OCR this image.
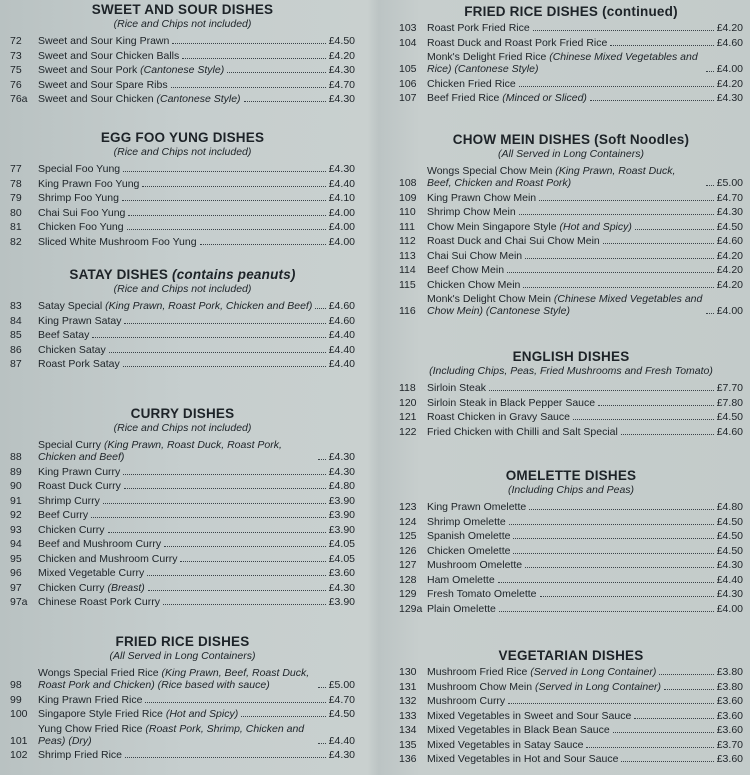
SWEET AND SOUR DISHES
(Rice and Chips not included)
72	Sweet and Sour King Prawn	£4.50
73	Sweet and Sour Chicken Balls	£4.20
75	Sweet and Sour Pork (Cantonese Style)	£4.30
76	Sweet and Sour Spare Ribs	£4.70
76a Sweet and Sour Chicken (Cantonese Style)	£4.30
EGG FOO YUNG DISHES
(Rice and Chips not included)
77	Special Foo Yung	£4.30
78	King Prawn Foo Yung	£4.40
79	Shrimp Foo Yung	£4.10
80	Chai Sui Foo Yung	£4.00
81	Chicken Foo Yung	£4.00
82	Sliced White Mushroom Foo Yung	£4.00
SATAY DISHES (contains peanuts)
(Rice and Chips not included)
83	Satay Special (King Prawn, Roast Pork, Chicken and Beef) £4.60
84	King Prawn Satay	£4.60
85	Beef Satay	£4.40
86	Chicken Satay	£4.40
87	Roast Pork Satay	£4.40
CURRY DISHES
(Rice and Chips not included)
88
Special Curry (King Prawn, Roast Duck, Roast Pork, Chicken and Beef)	£4.30
89	King Prawn Curry	£4.30
90	Roast Duck Curry	£4.80
91	Shrimp Curry	£3.90
92	Beef Curry	£3.90
93	Chicken Curry	£3.90
94	Beef and Mushroom Curry	£4.05
95	Chicken and Mushroom Curry	£4.05
96	Mixed Vegetable Curry	£3.60
97	Chicken Curry (Breast)	£4.30
97a Chinese Roast Pork Curry	£3.90
FRIED RICE DISHES
(All Served in Long Containers)
98
Wongs Special Fried Rice (King Prawn, Beef, Roast Duck, Roast Pork and Chicken) (Rice based with sauce)	£5.00
99	King Prawn Fried Rice	£4.70
100 Singapore Style Fried Rice (Hot and Spicy)	£4.50
101
Yung Chow Fried Rice (Roast Pork, Shrimp, Chicken and Peas) (Dry)	£4.40
102 Shrimp Fried Rice	£4.30
FRIED RICE DISHES (continued)
103 Roast Pork Fried Rice	£4.20
104 Roast Duck and Roast Pork Fried Rice	£4.60
105
Monk's Delight Fried Rice (Chinese Mixed Vegetables and Rice) (Cantonese Style)	£4.00
106 Chicken Fried Rice	£4.20
107 Beef Fried Rice (Minced or Sliced)	£4.30
CHOW MEIN DISHES (Soft Noodles)
(All Served in Long Containers)
108
Wongs Special Chow Mein (King Prawn, Roast Duck, Beef, Chicken and Roast Pork)	£5.00
109 King Prawn Chow Mein	£4.70
110	Shrimp Chow Mein	£4.30
111	Chow Mein Singapore Style (Hot and Spicy)	£4.50
112	Roast Duck and Chai Sui Chow Mein	£4.60
113	Chai Sui Chow Mein	£4.20
114	Beef Chow Mein	£4.20
115	Chicken Chow Mein	£4.20
116
Monk's Delight Chow Mein (Chinese Mixed Vegetables and Chow Mein) (Cantonese Style)	£4.00
ENGLISH DISHES
(Including Chips, Peas, Fried Mushrooms and Fresh Tomato)
118	Sirloin Steak	£7.70
120 Sirloin Steak in Black Pepper Sauce	£7.80
121 Roast Chicken in Gravy Sauce	£4.50
122 Fried Chicken with Chilli and Salt Special	£4.60
OMELETTE DISHES
(Including Chips and Peas)
123 King Prawn Omelette	£4.80
124 Shrimp Omelette	£4.50
125 Spanish Omelette	£4.50
126 Chicken Omelette	£4.50
127 Mushroom Omelette	£4.30
128 Ham Omelette	£4.40
129 Fresh Tomato Omelette	£4.30
129a Plain Omelette	£4.00
VEGETARIAN DISHES
130 Mushroom Fried Rice (Served in Long Container)	£3.80
131 Mushroom Chow Mein (Served in Long Container)	£3.80
132 Mushroom Curry	£3.60
133 Mixed Vegetables in Sweet and Sour Sauce	£3.60
134 Mixed Vegetables in Black Bean Sauce	£3.60
135 Mixed Vegetables in Satay Sauce	£3.70
136 Mixed Vegetables in Hot and Sour Sauce	£3.60
